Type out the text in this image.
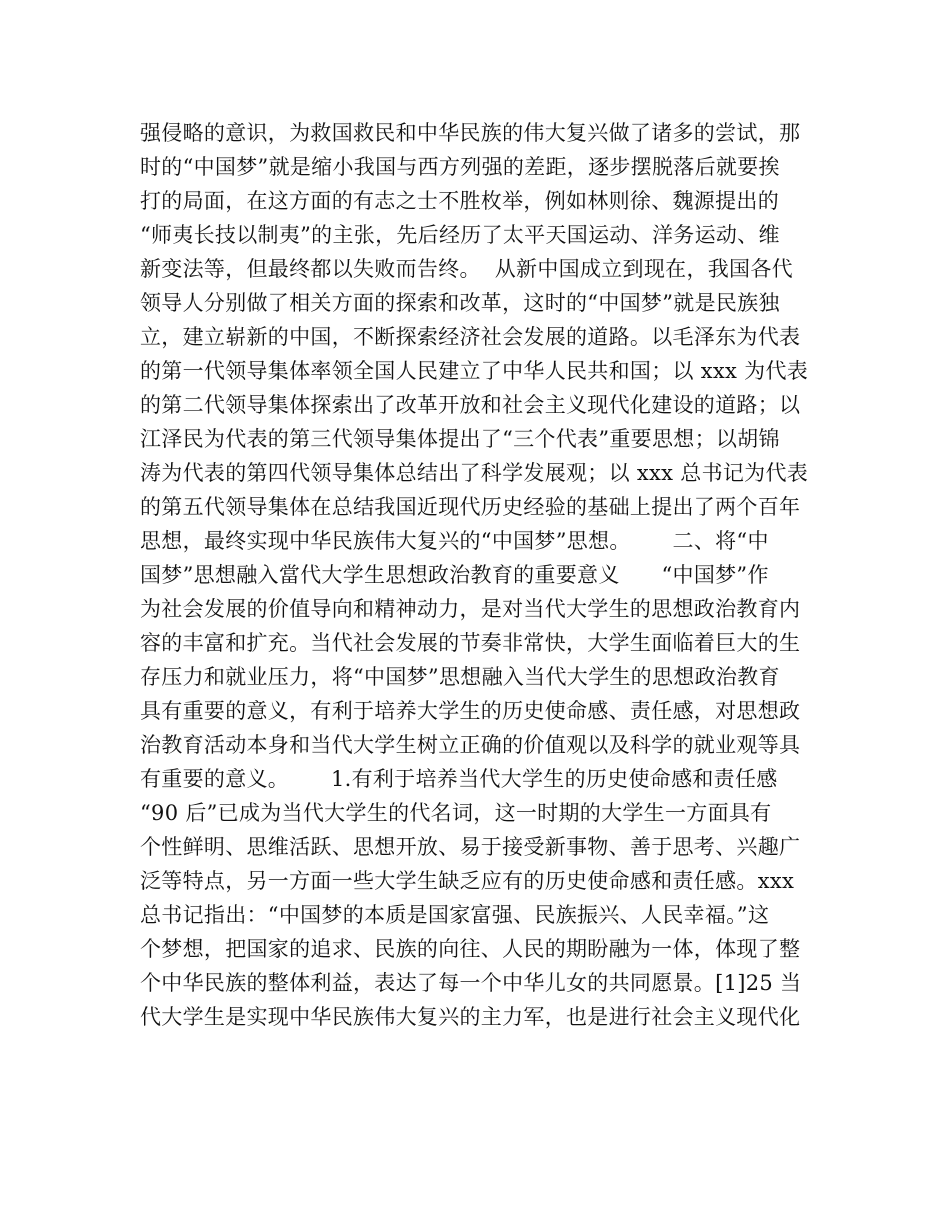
强侵略的意识，为救国救民和中华民族的伟大复兴做了诸多的尝试，那
时的“中国梦”就是缩小我国与西方列强的差距，逐步摆脱落后就要挨
打的局面，在这方面的有志之士不胜枚举，例如林则徐、魏源提出的
“师夷长技以制夷”的主张，先后经历了太平天国运动、洋务运动、维
新变法等，但最终都以失败而告终。  从新中国成立到现在，我国各代
领导人分别做了相关方面的探索和改革，这时的“中国梦”就是民族独
立，建立崭新的中国，不断探索经济社会发展的道路。以毛泽东为代表
的第一代领导集体率领全国人民建立了中华人民共和国；以 xxx 为代表
的第二代领导集体探索出了改革开放和社会主义现代化建设的道路；以
江泽民为代表的第三代领导集体提出了“三个代表”重要思想；以胡锦
涛为代表的第四代领导集体总结出了科学发展观；以 xxx 总书记为代表
的第五代领导集体在总结我国近现代历史经验的基础上提出了两个百年
思想，最终实现中华民族伟大复兴的“中国梦”思想。      二、将“中
国梦”思想融入當代大学生思想政治教育的重要意义      “中国梦”作
为社会发展的价值导向和精神动力，是对当代大学生的思想政治教育内
容的丰富和扩充。当代社会发展的节奏非常快，大学生面临着巨大的生
存压力和就业压力，将“中国梦”思想融入当代大学生的思想政治教育
具有重要的意义，有利于培养大学生的历史使命感、责任感，对思想政
治教育活动本身和当代大学生树立正确的价值观以及科学的就业观等具
有重要的意义。      1.有利于培养当代大学生的历史使命感和责任感
“90 后”已成为当代大学生的代名词，这一时期的大学生一方面具有
个性鲜明、思维活跃、思想开放、易于接受新事物、善于思考、兴趣广
泛等特点，另一方面一些大学生缺乏应有的历史使命感和责任感。xxx
总书记指出：“中国梦的本质是国家富强、民族振兴、人民幸福。”这
个梦想，把国家的追求、民族的向往、人民的期盼融为一体，体现了整
个中华民族的整体利益，表达了每一个中华儿女的共同愿景。[1]25 当
代大学生是实现中华民族伟大复兴的主力军，也是进行社会主义现代化
